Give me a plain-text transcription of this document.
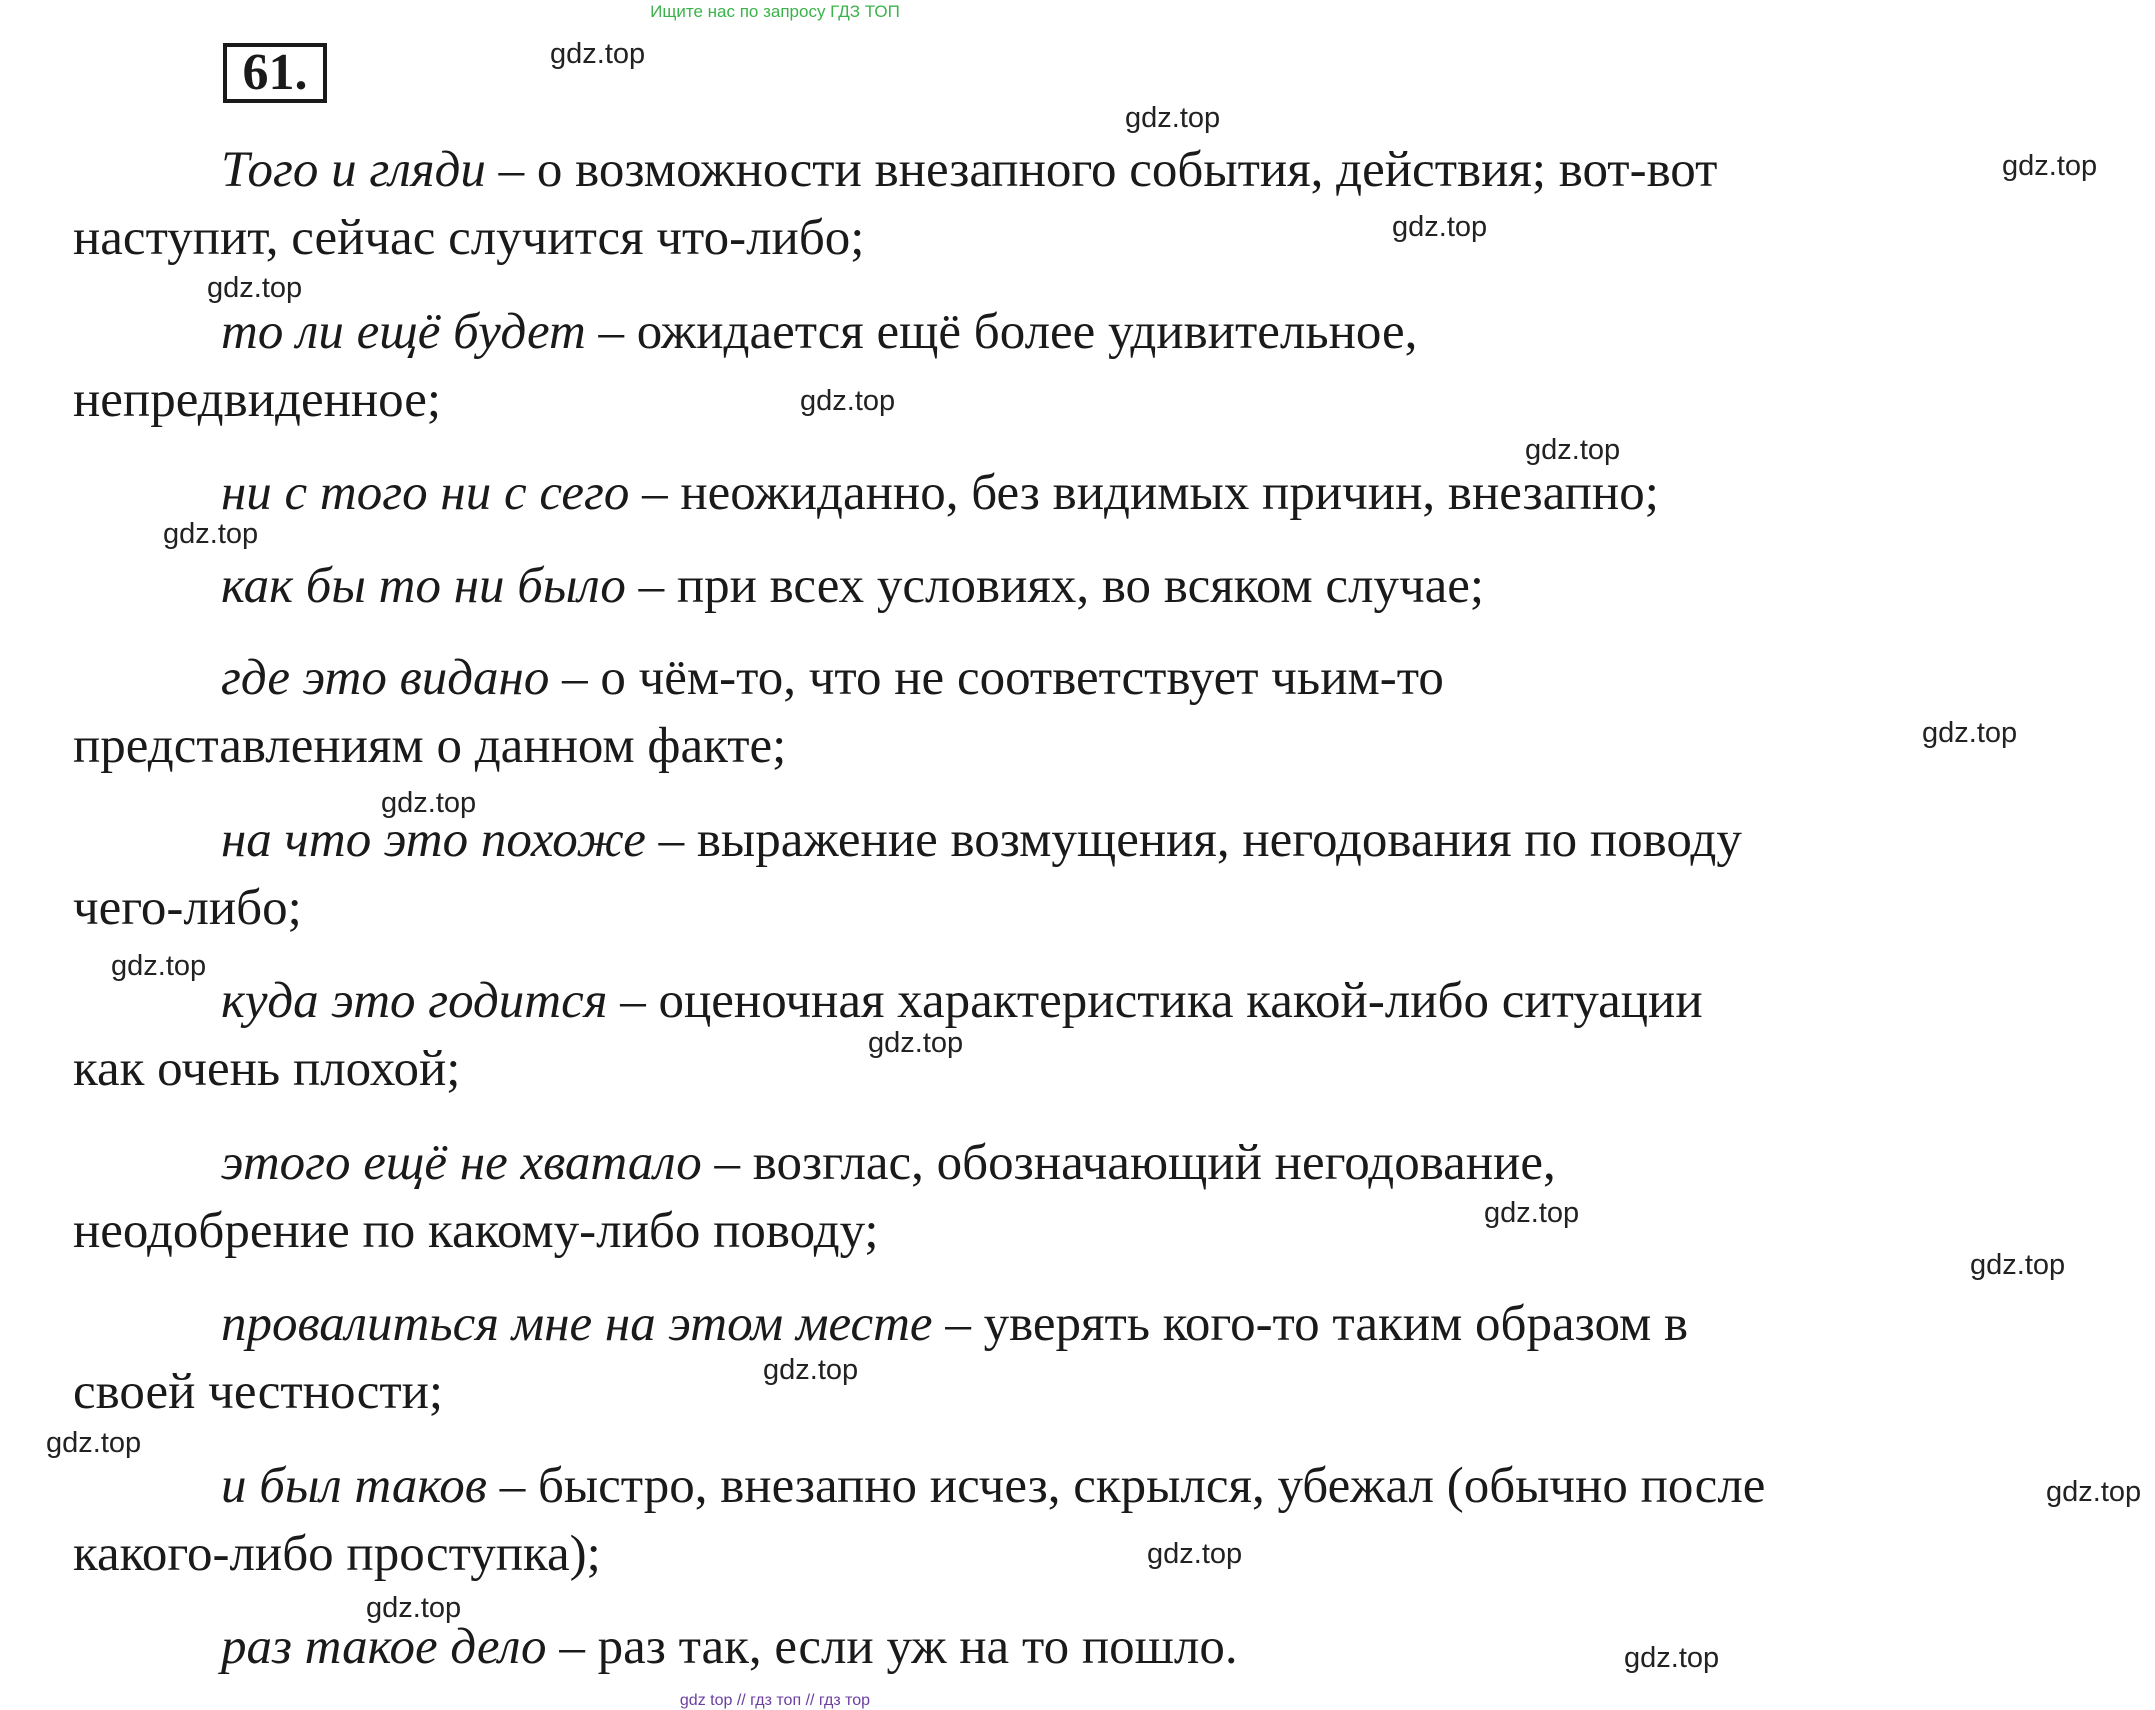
Ищите нас по запросу ГДЗ ТОП
61.	gdz.top
gdz.top
gdz.top
gdz.top
gdz.top
gdz.top
gdz.top
gdz.top
gdz.top
gdz.top
gdz.top
gdz.top
gdz.top
gdz.top
gdz.top
gdz.top
gdz.top
gdz.top
gdz.top
gdz.top
Того и гляди – о возможности внезапного события, действия; вот-вот
наступит, сейчас случится что-либо;
то ли ещё будет – ожидается ещё более удивительное,
непредвиденное;
ни с того ни с сего – неожиданно, без видимых причин, внезапно;
как бы то ни было – при всех условиях, во всяком случае;
где это видано – о чём-то, что не соответствует чьим-то
представлениям о данном факте;
на что это похоже – выражение возмущения, негодования по поводу
чего-либо;
куда это годится – оценочная характеристика какой-либо ситуации
как очень плохой;
этого ещё не хватало – возглас, обозначающий негодование,
неодобрение по какому-либо поводу;
провалиться мне на этом месте – уверять кого-то таким образом в
своей честности;
и был таков – быстро, внезапно исчез, скрылся, убежал (обычно после
какого-либо проступка);
раз такое дело – раз так, если уж на то пошло.
gdz top // гдз топ // гдз тор
